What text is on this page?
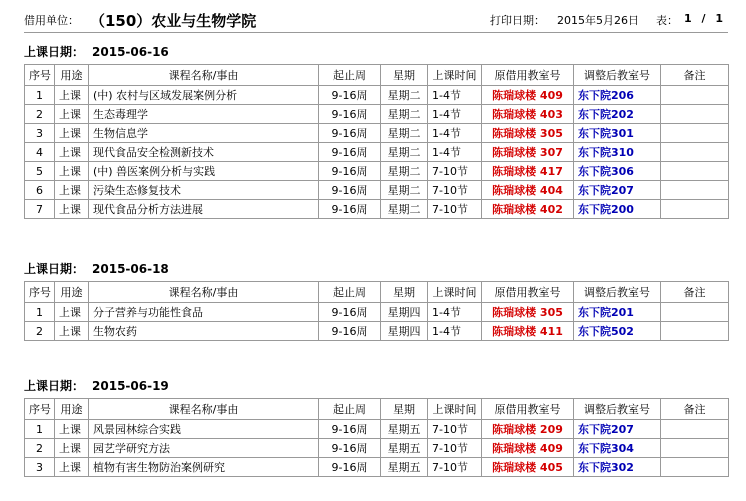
借用单位： （150）农业与生物学院	打印日期： 2015年5月26日 表： 1 / 1
上课日期： 2015-06-16
序号	用途	课程名称/事由	起止周	星期	上课时间	原借用教室号	调整后教室号	备注
1	上课	(中) 农村与区域发展案例分析	9-16周	星期二	1-4节	陈瑞球楼 409	东下院206	
2	上课	生态毒理学	9-16周	星期二	1-4节	陈瑞球楼 403	东下院202	
3	上课	生物信息学	9-16周	星期二	1-4节	陈瑞球楼 305	东下院301	
4	上课	现代食品安全检测新技术	9-16周	星期二	1-4节	陈瑞球楼 307	东下院310	
5	上课	(中) 兽医案例分析与实践	9-16周	星期二	7-10节	陈瑞球楼 417	东下院306	
6	上课	污染生态修复技术	9-16周	星期二	7-10节	陈瑞球楼 404	东下院207	
7	上课	现代食品分析方法进展	9-16周	星期二	7-10节	陈瑞球楼 402	东下院200	
上课日期： 2015-06-18
序号	用途	课程名称/事由	起止周	星期	上课时间	原借用教室号	调整后教室号	备注
1	上课	分子营养与功能性食品	9-16周	星期四	1-4节	陈瑞球楼 305	东下院201	
2	上课	生物农药	9-16周	星期四	1-4节	陈瑞球楼 411	东下院502	
上课日期： 2015-06-19
序号	用途	课程名称/事由	起止周	星期	上课时间	原借用教室号	调整后教室号	备注
1	上课	风景园林综合实践	9-16周	星期五	7-10节	陈瑞球楼 209	东下院207	
2	上课	园艺学研究方法	9-16周	星期五	7-10节	陈瑞球楼 409	东下院304	
3	上课	植物有害生物防治案例研究	9-16周	星期五	7-10节	陈瑞球楼 405	东下院302	
